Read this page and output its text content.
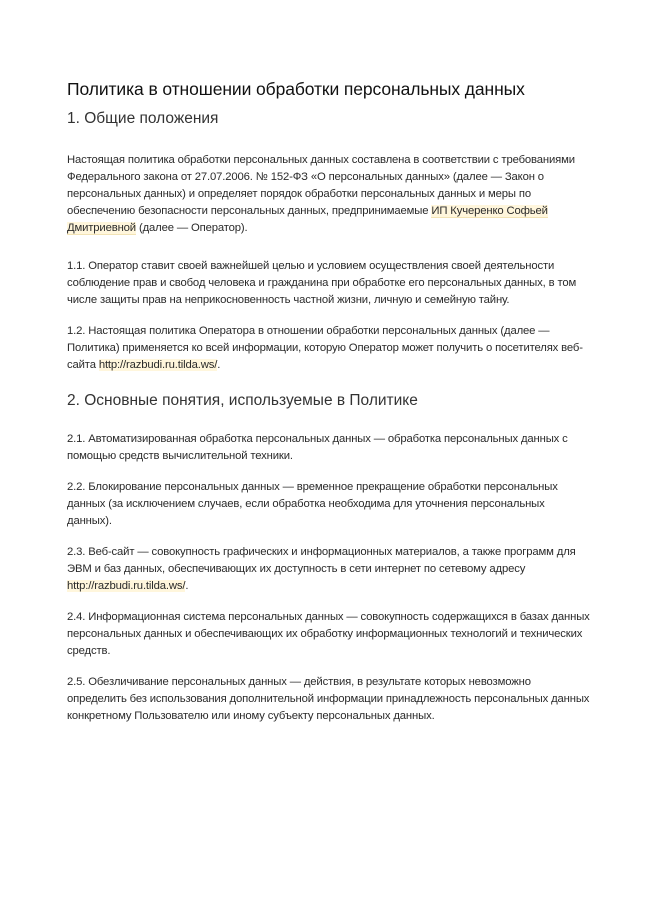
Политика в отношении обработки персональных данных
1. Общие положения

Настоящая политика обработки персональных данных составлена в соответствии с требованиями Федерального закона от 27.07.2006. № 152-ФЗ «О персональных данных» (далее — Закон о персональных данных) и определяет порядок обработки персональных данных и меры по обеспечению безопасности персональных данных, предпринимаемые ИП Кучеренко Софьей Дмитриевной (далее — Оператор).

1.1. Оператор ставит своей важнейшей целью и условием осуществления своей деятельности соблюдение прав и свобод человека и гражданина при обработке его персональных данных, в том числе защиты прав на неприкосновенность частной жизни, личную и семейную тайну.

1.2. Настоящая политика Оператора в отношении обработки персональных данных (далее — Политика) применяется ко всей информации, которую Оператор может получить о посетителях веб-сайта http://razbudi.ru.tilda.ws/.

2. Основные понятия, используемые в Политике

2.1. Автоматизированная обработка персональных данных — обработка персональных данных с помощью средств вычислительной техники.

2.2. Блокирование персональных данных — временное прекращение обработки персональных данных (за исключением случаев, если обработка необходима для уточнения персональных данных).

2.3. Веб-сайт — совокупность графических и информационных материалов, а также программ для ЭВМ и баз данных, обеспечивающих их доступность в сети интернет по сетевому адресу http://razbudi.ru.tilda.ws/.

2.4. Информационная система персональных данных — совокупность содержащихся в базах данных персональных данных и обеспечивающих их обработку информационных технологий и технических средств.

2.5. Обезличивание персональных данных — действия, в результате которых невозможно определить без использования дополнительной информации принадлежность персональных данных конкретному Пользователю или иному субъекту персональных данных.
